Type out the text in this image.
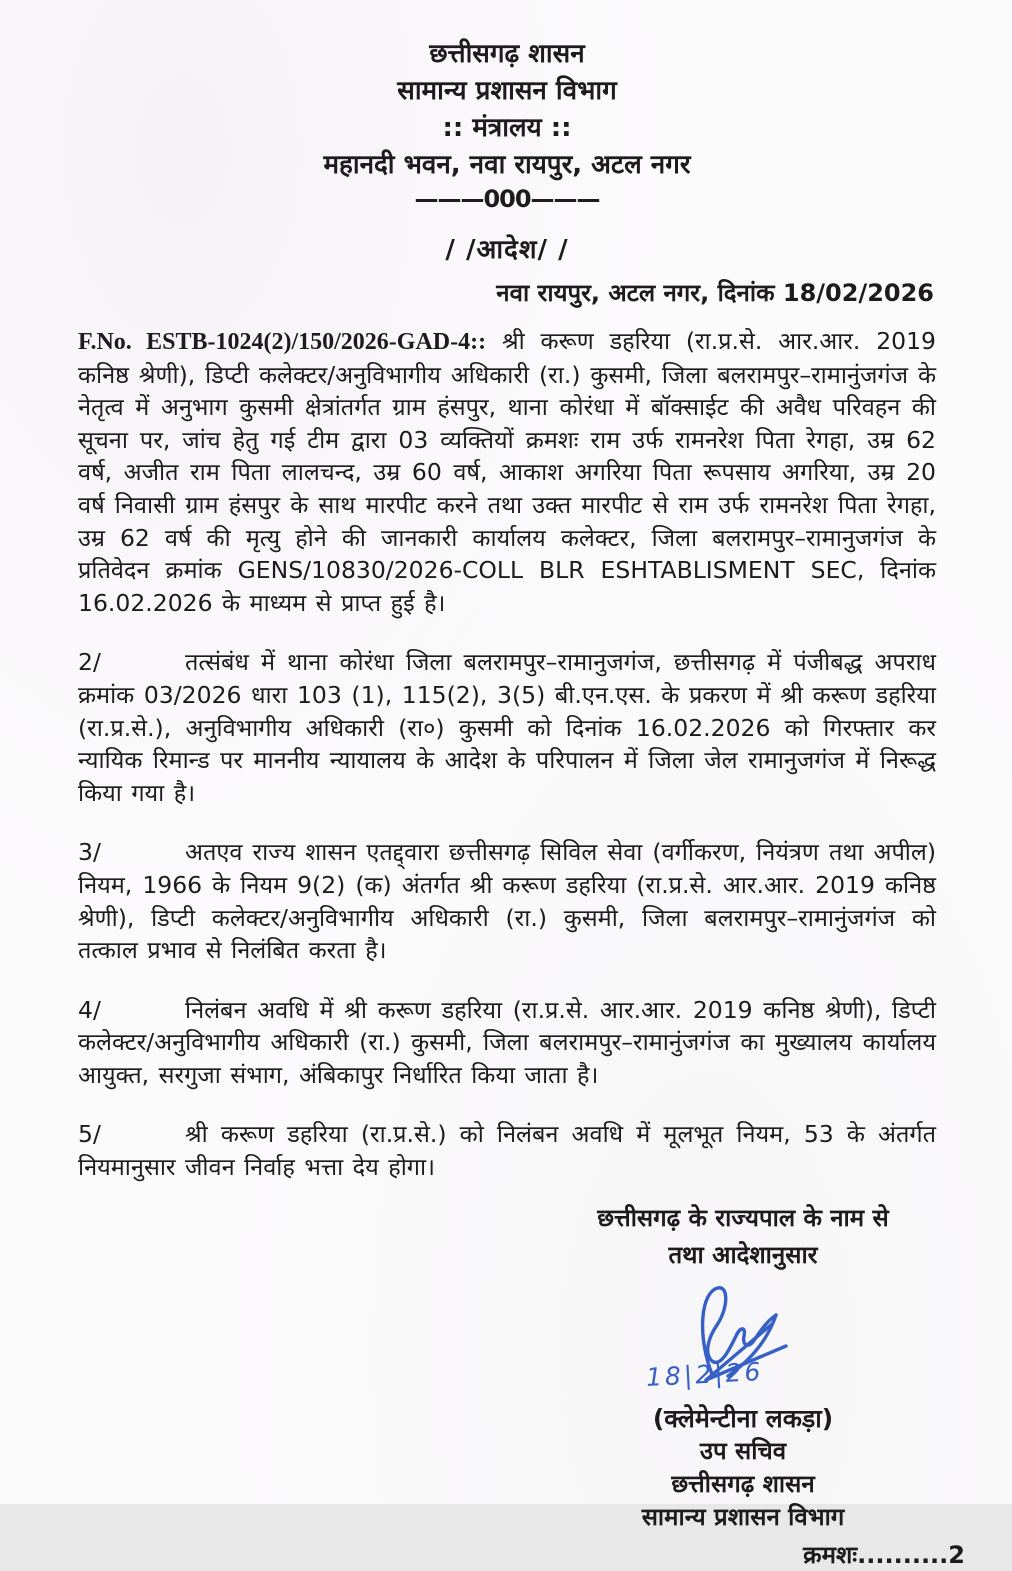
छत्तीसगढ़ शासन
सामान्य प्रशासन विभाग
:: मंत्रालय ::
महानदी भवन, नवा रायपुर, अटल नगर
———000———
/ /आदेश/ /
नवा रायपुर, अटल नगर, दिनांक 18/02/2026

F.No. ESTB-1024(2)/150/2026-GAD-4:: श्री करूण डहरिया (रा.प्र.से. आर.आर. 2019 कनिष्ठ श्रेणी), डिप्टी कलेक्टर/अनुविभागीय अधिकारी (रा.) कुसमी, जिला बलरामपुर–रामानुंजगंज के नेतृत्व में अनुभाग कुसमी क्षेत्रांतर्गत ग्राम हंसपुर, थाना कोरंधा में बॉक्साईट की अवैध परिवहन की सूचना पर, जांच हेतु गई टीम द्वारा 03 व्यक्तियों क्रमशः राम उर्फ रामनरेश पिता रेगहा, उम्र 62 वर्ष, अजीत राम पिता लालचन्द, उम्र 60 वर्ष, आकाश अगरिया पिता रूपसाय अगरिया, उम्र 20 वर्ष निवासी ग्राम हंसपुर के साथ मारपीट करने तथा उक्त मारपीट से राम उर्फ रामनरेश पिता रेगहा, उम्र 62 वर्ष की मृत्यु होने की जानकारी कार्यालय कलेक्टर, जिला बलरामपुर–रामानुजगंज के प्रतिवेदन क्रमांक GENS/10830/2026-COLL BLR ESHTABLISMENT SEC, दिनांक 16.02.2026 के माध्यम से प्राप्त हुई है।

2/	तत्संबंध में थाना कोरंधा जिला बलरामपुर–रामानुजगंज, छत्तीसगढ़ में पंजीबद्ध अपराध क्रमांक 03/2026 धारा 103 (1), 115(2), 3(5) बी.एन.एस. के प्रकरण में श्री करूण डहरिया (रा.प्र.से.), अनुविभागीय अधिकारी (रा०) कुसमी को दिनांक 16.02.2026 को गिरफ्तार कर न्यायिक रिमान्ड पर माननीय न्यायालय के आदेश के परिपालन में जिला जेल रामानुजगंज में निरूद्ध किया गया है।

3/	अतएव राज्य शासन एतद्द्वारा छत्तीसगढ़ सिविल सेवा (वर्गीकरण, नियंत्रण तथा अपील) नियम, 1966 के नियम 9(2) (क) अंतर्गत श्री करूण डहरिया (रा.प्र.से. आर.आर. 2019 कनिष्ठ श्रेणी), डिप्टी कलेक्टर/अनुविभागीय अधिकारी (रा.) कुसमी, जिला बलरामपुर–रामानुंजगंज को तत्काल प्रभाव से निलंबित करता है।

4/	निलंबन अवधि में श्री करूण डहरिया (रा.प्र.से. आर.आर. 2019 कनिष्ठ श्रेणी), डिप्टी कलेक्टर/अनुविभागीय अधिकारी (रा.) कुसमी, जिला बलरामपुर–रामानुंजगंज का मुख्यालय कार्यालय आयुक्त, सरगुजा संभाग, अंबिकापुर निर्धारित किया जाता है।

5/	श्री करूण डहरिया (रा.प्र.से.) को निलंबन अवधि में मूलभूत नियम, 53 के अंतर्गत नियमानुसार जीवन निर्वाह भत्ता देय होगा।

छत्तीसगढ़ के राज्यपाल के नाम से
तथा आदेशानुसार
18|2|26
(क्लेमेन्टीना लकड़ा)
उप सचिव
छत्तीसगढ़ शासन
सामान्य प्रशासन विभाग
क्रमशः..........2
